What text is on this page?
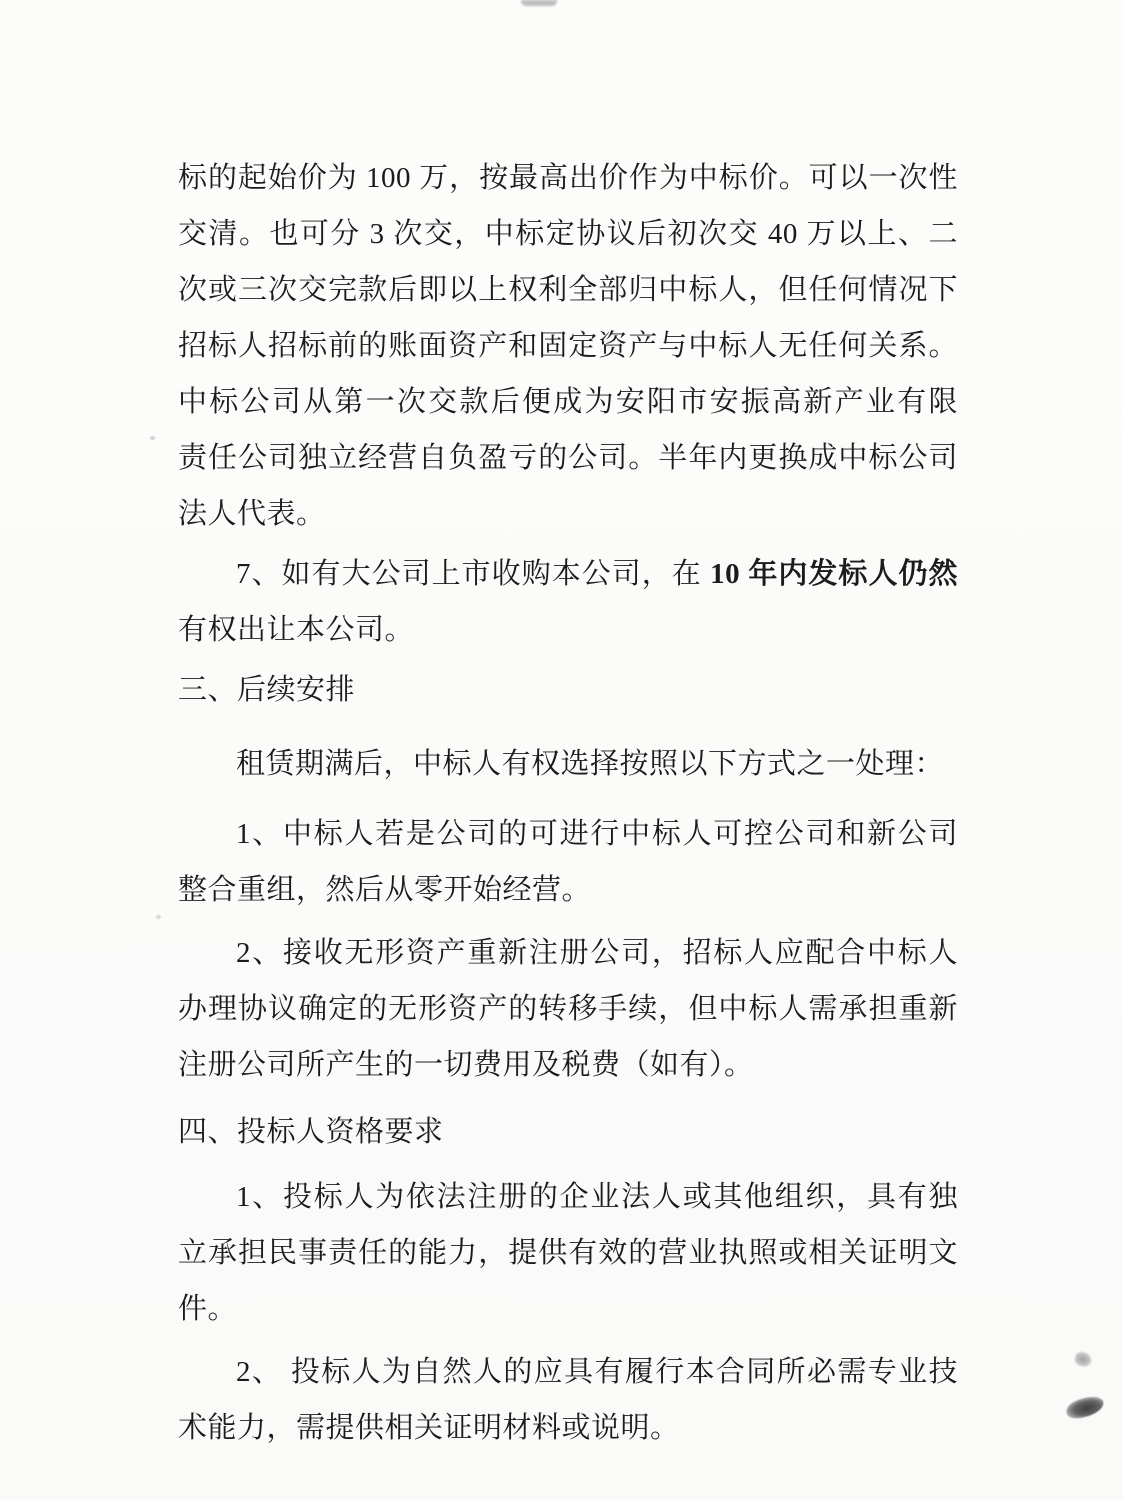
标的起始价为 100 万，按最高出价作为中标价。可以一次性
交清。也可分 3 次交，中标定协议后初次交 40 万以上、二
次或三次交完款后即以上权利全部归中标人，但任何情况下
招标人招标前的账面资产和固定资产与中标人无任何关系。
中标公司从第一次交款后便成为安阳市安振高新产业有限
责任公司独立经营自负盈亏的公司。半年内更换成中标公司
法人代表。
7、如有大公司上市收购本公司，在 10 年内发标人仍然
有权出让本公司。
三、后续安排
租赁期满后，中标人有权选择按照以下方式之一处理：
1、中标人若是公司的可进行中标人可控公司和新公司
整合重组，然后从零开始经营。
2、接收无形资产重新注册公司，招标人应配合中标人
办理协议确定的无形资产的转移手续，但中标人需承担重新
注册公司所产生的一切费用及税费（如有）。
四、投标人资格要求
1、投标人为依法注册的企业法人或其他组织，具有独
立承担民事责任的能力，提供有效的营业执照或相关证明文
件。
2、 投标人为自然人的应具有履行本合同所必需专业技
术能力，需提供相关证明材料或说明。
